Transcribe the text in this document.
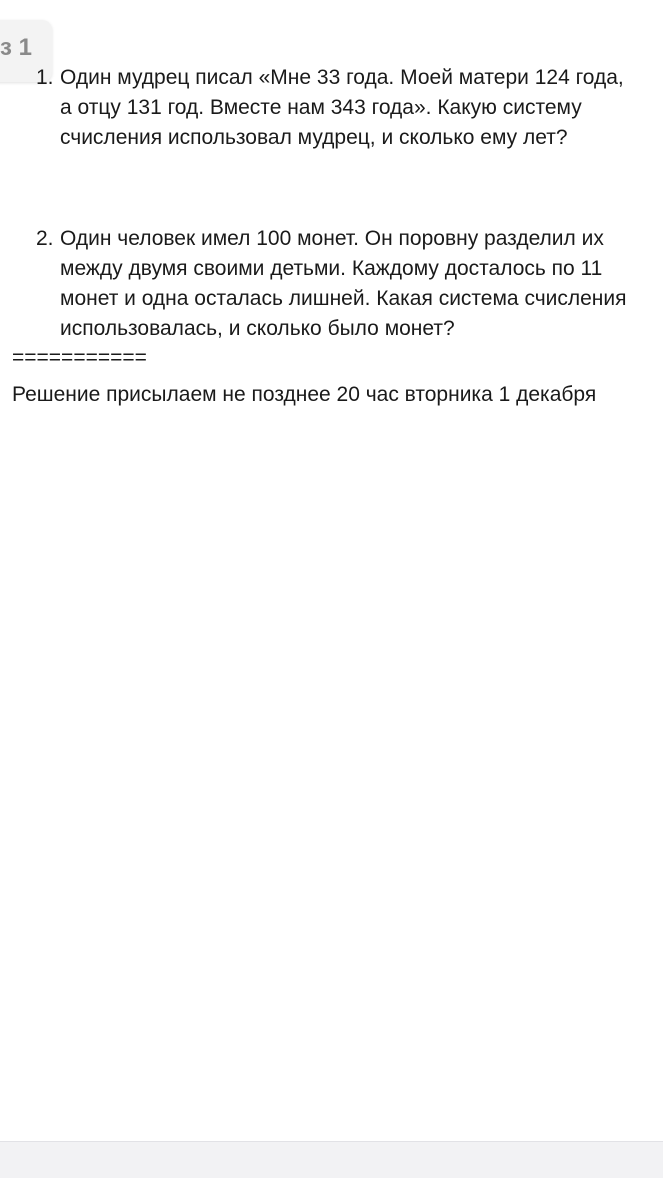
з 1
1. Один мудрец писал «Мне 33 года. Моей матери 124 года, а отцу 131 год. Вместе нам 343 года». Какую систему счисления использовал мудрец, и сколько ему лет?
2. Один человек имел 100 монет. Он поровну разделил их между двумя своими детьми. Каждому досталось по 11 монет и одна осталась лишней. Какая система счисления использовалась, и сколько было монет?
===========
Решение присылаем не позднее 20 час вторника 1 декабря
